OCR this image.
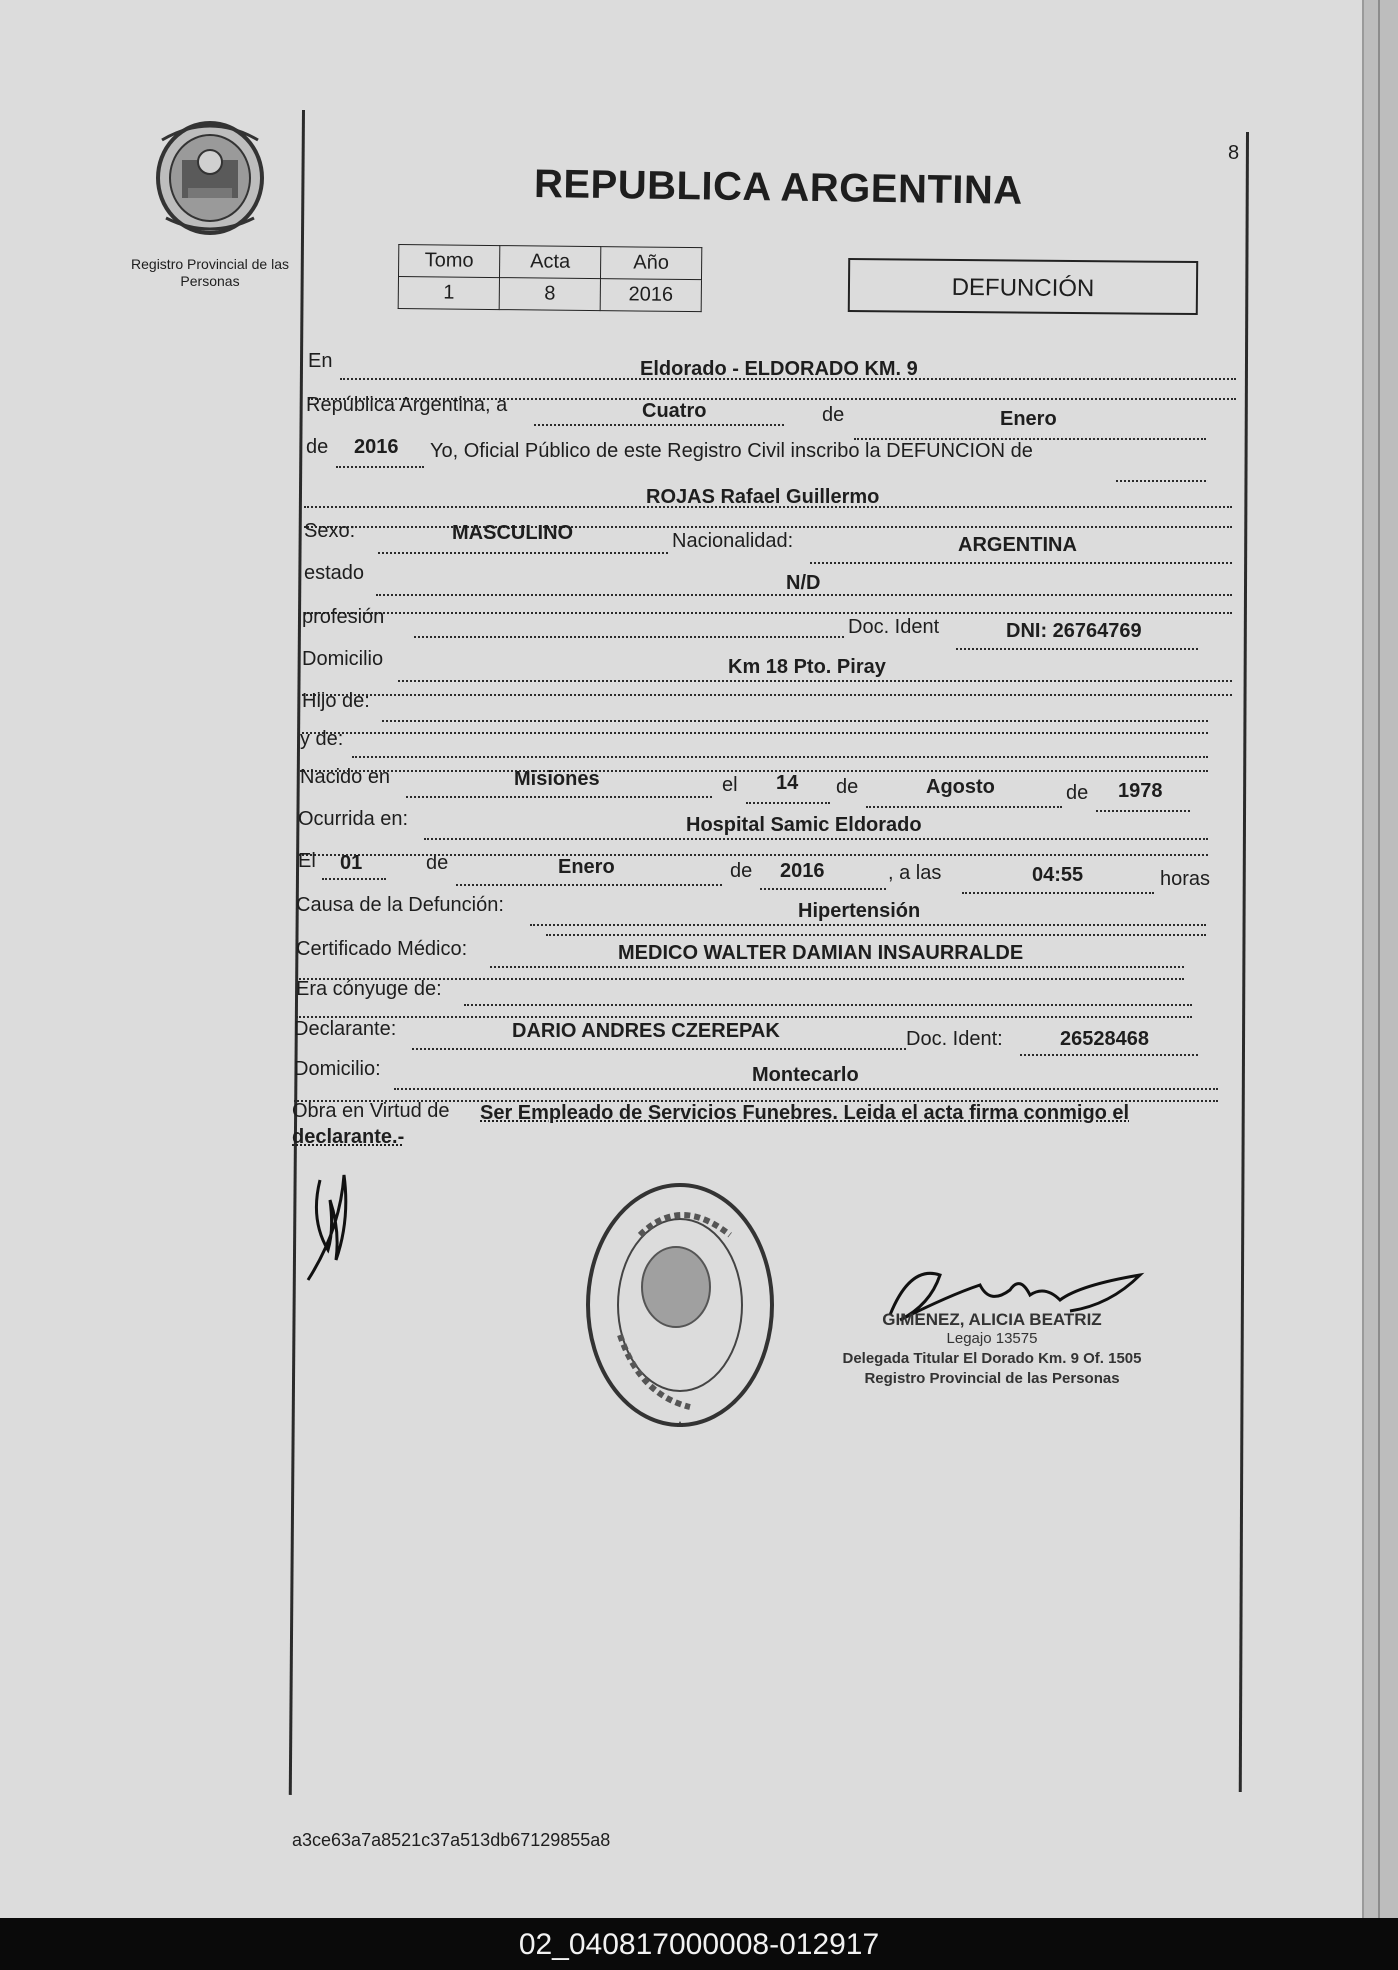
8
Registro Provincial de las Personas
REPUBLICA ARGENTINA
Tomo	Acta	Año
1	8	2016	DEFUNCIÓN
En	Eldorado - ELDORADO KM. 9
República Argentina, a	Cuatro	de	Enero
de 2016 Yo, Oficial Público de este Registro Civil inscribo la DEFUNCION de
ROJAS Rafael Guillermo
Sexo:	MASCULINO	Nacionalidad:	ARGENTINA
estado	N/D
profesión	Doc. Ident	DNI: 26764769
Domicilio	Km 18 Pto. Piray
Hijo de:
y de:
Nacido en	Misiones	el 14 de	Agosto	de 1978
Ocurrida en:	Hospital Samic Eldorado
El 01	de	Enero	de 2016	, a las	04:55	horas
Causa de la Defunción:	Hipertensión
Certificado Médico:	MEDICO WALTER DAMIAN INSAURRALDE
Era cónyuge de:
Declarante:	DARIO ANDRES CZEREPAK	Doc. Ident:	26528468
Domicilio:	Montecarlo
Obra en Virtud de Ser Empleado de Servicios Funebres. Leida el acta firma conmigo el
declarante.-
GIMENEZ, ALICIA BEATRIZ
Legajo 13575
Delegada Titular El Dorado Km. 9 Of. 1505
Registro Provincial de las Personas
a3ce63a7a8521c37a513db67129855a8
02_040817000008-012917
